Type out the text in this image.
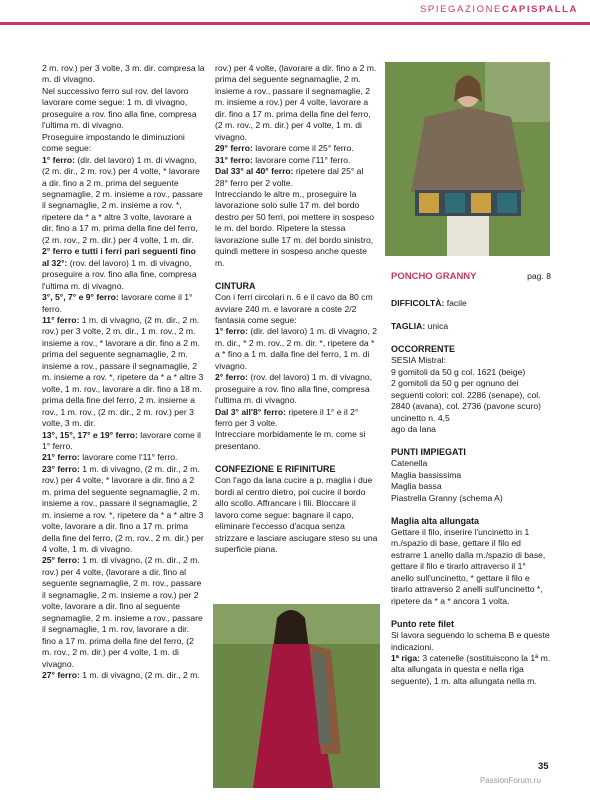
SPIEGAZIONECAPISPALLA

2 m. rov.) per 3 volte, 3 m. dir. compresa la m. di vivagno.

Nel successivo ferro sul rov. del lavoro lavorare come segue: 1 m. di vivagno, proseguire a rov. fino alla fine, compresa l'ultima m. di vivagno.

Proseguire impostando le diminuzioni come segue:

1° ferro: (dir. del lavoro) 1 m. di vivagno, (2 m. dir., 2 m. rov.) per 4 volte, * lavorare a dir. fino a 2 m. prima del seguente segnamaglie, 2 m. insieme a rov., passare il segnamaglie, 2 m. insieme a rov. *, ripetere da * a * altre 3 volte, lavorare a dir. fino a 17 m. prima della fine del ferro, (2 m. rov., 2 m. dir.) per 4 volte, 1 m. dir.

2° ferro e tutti i ferri pari seguenti fino al 32°: (rov. del lavoro) 1 m. di vivagno, proseguire a rov. fino alla fine, compresa l'ultima m. di vivagno.

3°, 5°, 7° e 9° ferro: lavorare come il 1° ferro.

11° ferro: 1 m. di vivagno, (2 m. dir., 2 m. rov.) per 3 volte, 2 m. dir., 1 m. rov., 2 m. insieme a rov., * lavorare a dir. fino a 2 m. prima del seguente segnamaglie, 2 m. insieme a rov., passare il segnamaglie, 2 m. insieme a rov. *, ripetere da * a * altre 3 volte, 1 m. rov., lavorare a dir. fino a 18 m. prima della fine del ferro, 2 m. insieme a rov., 1 m. rov., (2 m. dir., 2 m. rov.) per 3 volte, 3 m. dir.

13°, 15°, 17° e 19° ferro: lavorare come il 1° ferro.

21° ferro: lavorare come l'11° ferro.

23° ferro: 1 m. di vivagno, (2 m. dir., 2 m. rov.) per 4 volte, * lavorare a dir. fino a 2 m. prima del seguente segnamaglie, 2 m. insieme a rov., passare il segnamaglie, 2 m. insieme a rov. *, ripetere da * a * altre 3 volte, lavorare a dir. fino a 17 m. prima della fine del ferro, (2 m. rov., 2 m. dir.) per 4 volte, 1 m. di vivagno.

25° ferro: 1 m. di vivagno, (2 m. dir., 2 m. rov.) per 4 volte, (lavorare a dir. fino al seguente segnamaglie, 2 m. rov., passare il segnamaglie, 2 m. insieme a rov.) per 2 volte, lavorare a dir. fino al seguente segnamaglie, 2 m. insieme a rov., passare il segnamaglie, 1 m. rov, lavorare a dir. fino a 17 m. prima della fine del ferro, (2 m. rov., 2 m. dir.) per 4 volte, 1 m. di vivagno.

27° ferro: 1 m. di vivagno, (2 m. dir., 2 m.

rov.) per 4 volte, (lavorare a dir. fino a 2 m. prima del seguente segnamaglie, 2 m. insieme a rov., passare il segnamaglie, 2 m. insieme a rov.) per 4 volte, lavorare a dir. fino a 17 m. prima della fine del ferro, (2 m. rov., 2 m. dir.) per 4 volte, 1 m. di vivagno.

29° ferro: lavorare come il 25° ferro.

31° ferro: lavorare come l'11° ferro.

Dal 33° al 40° ferro: ripetere dal 25° al 28° ferro per 2 volte.

Intrecciando le altre m., proseguire la lavorazione solo sulle 17 m. del bordo destro per 50 ferri, poi mettere in sospeso le m. del bordo. Ripetere la stessa lavorazione sulle 17 m. del bordo sinistro, quindi mettere in sospeso anche queste m.

CINTURA

Con i ferri circolari n. 6 e il cavo da 80 cm avviare 240 m. e lavorare a coste 2/2 fantasia come segue:

1° ferro: (dir. del lavoro) 1 m. di vivagno, 2 m. dir., * 2 m. rov., 2 m. dir. *, ripetere da * a * fino a 1 m. dalla fine del ferro, 1 m. di vivagno.

2° ferro: (rov. del lavoro) 1 m. di vivagno, proseguire a rov. fino alla fine, compresa l'ultima m. di vivagno.

Dal 3° all'8° ferro: ripetere il 1° e il 2° ferro per 3 volte.

Intrecciare morbidamente le m. come si presentano.

CONFEZIONE E RIFINITURE

Con l'ago da lana cucire a p. maglia i due bordi al centro dietro, poi cucire il bordo allo scollo. Affrancare i fili. Bloccare il lavoro come segue: bagnare il capo, eliminare l'eccesso d'acqua senza strizzare e lasciare asciugare steso su una superficie piana.

PONCHO GRANNY	pag. 8

DIFFICOLTÀ: facile

TAGLIA: unica

OCCORRENTE

SESIA Mistral:

9 gomitoli da 50 g col. 1621 (beige)

2 gomitoli da 50 g per ognuno dei seguenti colori: col. 2286 (senape), col. 2840 (avana), col. 2736 (pavone scuro)

uncinetto n. 4,5

ago da lana

PUNTI IMPIEGATI

Catenella

Maglia bassissima

Maglia bassa

Piastrella Granny (schema A)

Maglia alta allungata

Gettare il filo, inserire l'uncinetto in 1 m./spazio di base, gettare il filo ed estrarre 1 anello dalla m./spazio di base, gettare il filo e tirarlo attraverso il 1° anello sull'uncinetto, * gettare il filo e tirarlo attraverso 2 anelli sull'uncinetto *, ripetere da * a * ancora 1 volta.

Punto rete filet

Si lavora seguendo lo schema B e queste indicazioni.

1ª riga: 3 catenelle (sostituiscono la 1ª m. alta allungata in questa e nella riga seguente), 1 m. alta allungata nella m.

35
PassionForum.ru
